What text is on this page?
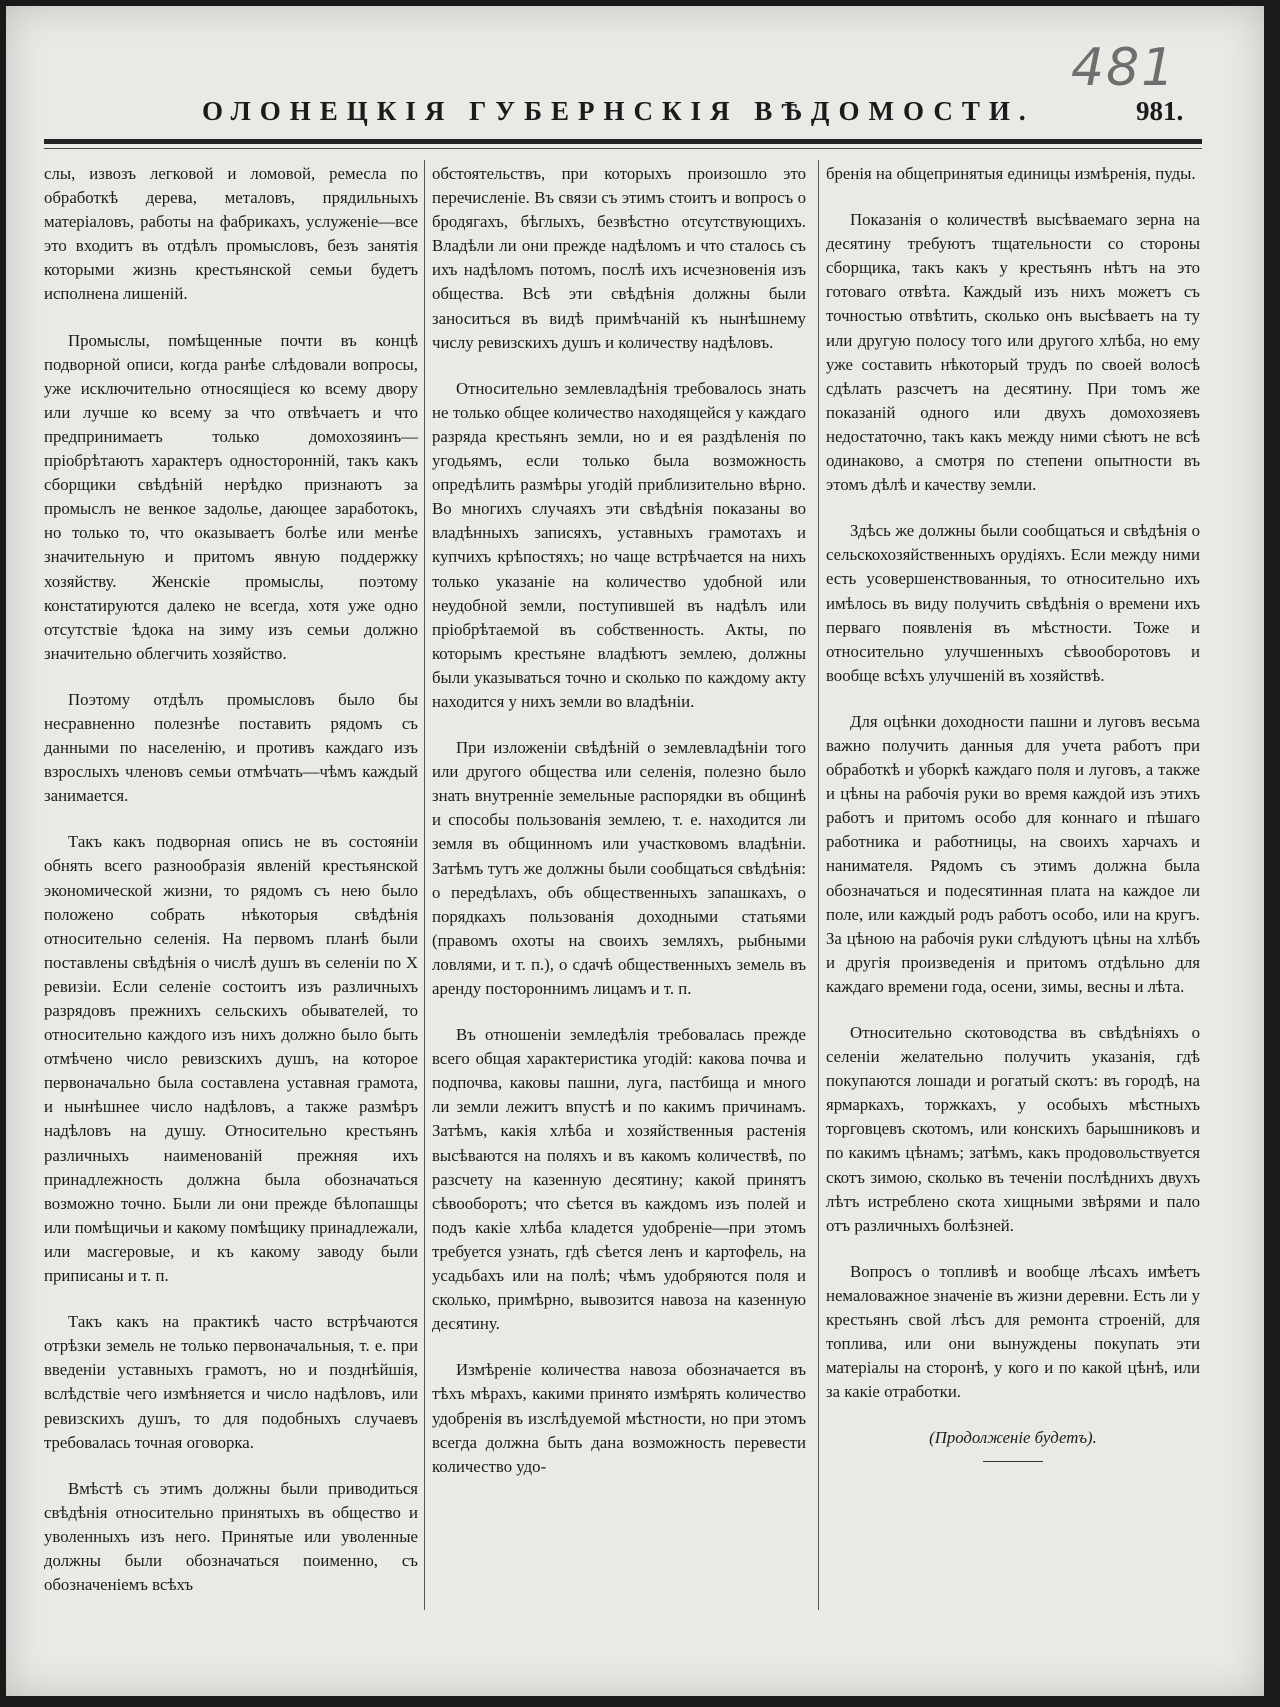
481
ОЛОНЕЦКІЯ ГУБЕРНСКІЯ ВѢДОМОСТИ.	981.

слы, извозъ легковой и ломовой, ремесла по обработкѣ дерева, металовъ, прядильныхъ матеріаловъ, работы на фабрикахъ, услуженіе—все это входитъ въ отдѣлъ промысловъ, безъ занятія которыми жизнь крестьянской семьи будетъ исполнена лишеній.

Промыслы, помѣщенные почти въ концѣ подворной описи, когда ранѣе слѣдовали вопросы, уже исключительно относящіеся ко всему двору или лучше ко всему за что отвѣчаетъ и что предпринимаетъ только домохозяинъ—пріобрѣтаютъ характеръ односторонній, такъ какъ сборщики свѣдѣній нерѣдко признаютъ за промыслъ не венкое задолье, дающее заработокъ, но только то, что оказываетъ болѣе или менѣе значительную и притомъ явную поддержку хозяйству. Женскіе промыслы, поэтому констатируются далеко не всегда, хотя уже одно отсутствіе ѣдока на зиму изъ семьи должно значительно облегчить хозяйство.

Поэтому отдѣлъ промысловъ было бы несравненно полезнѣе поставить рядомъ съ данными по населенію, и противъ каждаго изъ взрослыхъ членовъ семьи отмѣчать—чѣмъ каждый занимается.

Такъ какъ подворная опись не въ состояніи обнять всего разнообразія явленій крестьянской экономической жизни, то рядомъ съ нею было положено собрать нѣкоторыя свѣдѣнія относительно селенія. На первомъ планѣ были поставлены свѣдѣнія о числѣ душъ въ селеніи по X ревизіи. Если селеніе состоитъ изъ различныхъ разрядовъ прежнихъ сельскихъ обывателей, то относительно каждого изъ нихъ должно было быть отмѣчено число ревизскихъ душъ, на которое первоначально была составлена уставная грамота, и нынѣшнее число надѣловъ, а также размѣръ надѣловъ на душу. Относительно крестьянъ различныхъ наименованій прежняя ихъ принадлежность должна была обозначаться возможно точно. Были ли они прежде бѣлопашцы или помѣщичьи и какому помѣщику принадлежали, или масгеровые, и къ какому заводу были приписаны и т. п.

Такъ какъ на практикѣ часто встрѣчаются отрѣзки земель не только первоначальныя, т. е. при введеніи уставныхъ грамотъ, но и позднѣйшія, вслѣдствіе чего измѣняется и число надѣловъ, или ревизскихъ душъ, то для подобныхъ случаевъ требовалась точная оговорка.

Вмѣстѣ съ этимъ должны были приводиться свѣдѣнія относительно принятыхъ въ общество и уволенныхъ изъ него. Принятые или уволенные должны были обозначаться поименно, съ обозначеніемъ всѣхъ

обстоятельствъ, при которыхъ произошло это перечисленіе. Въ связи съ этимъ стоитъ и вопросъ о бродягахъ, бѣглыхъ, безвѣстно отсутствующихъ. Владѣли ли они прежде надѣломъ и что сталось съ ихъ надѣломъ потомъ, послѣ ихъ исчезновенія изъ общества. Всѣ эти свѣдѣнія должны были заноситься въ видѣ примѣчаній къ нынѣшнему числу ревизскихъ душъ и количеству надѣловъ.

Относительно землевладѣнія требовалось знать не только общее количество находящейся у каждаго разряда крестьянъ земли, но и ея раздѣленія по угодьямъ, если только была возможность опредѣлить размѣры угодій приблизительно вѣрно. Во многихъ случаяхъ эти свѣдѣнія показаны во владѣнныхъ записяхъ, уставныхъ грамотахъ и купчихъ крѣпостяхъ; но чаще встрѣчается на нихъ только указаніе на количество удобной или неудобной земли, поступившей въ надѣлъ или пріобрѣтаемой въ собственность. Акты, по которымъ крестьяне владѣютъ землею, должны были указываться точно и сколько по каждому акту находится у нихъ земли во владѣніи.

При изложеніи свѣдѣній о землевладѣніи того или другого общества или селенія, полезно было знать внутренніе земельные распорядки въ общинѣ и способы пользованія землею, т. е. находится ли земля въ общинномъ или участковомъ владѣніи. Затѣмъ тутъ же должны были сообщаться свѣдѣнія: о передѣлахъ, объ общественныхъ запашкахъ, о порядкахъ пользованія доходными статьями (правомъ охоты на своихъ земляхъ, рыбными ловлями, и т. п.), о сдачѣ общественныхъ земель въ аренду постороннимъ лицамъ и т. п.

Въ отношеніи земледѣлія требовалась прежде всего общая характеристика угодій: какова почва и подпочва, каковы пашни, луга, пастбища и много ли земли лежитъ впустѣ и по какимъ причинамъ. Затѣмъ, какія хлѣба и хозяйственныя растенія высѣваются на поляхъ и въ какомъ количествѣ, по разсчету на казенную десятину; какой принятъ сѣвооборотъ; что сѣется въ каждомъ изъ полей и подъ какіе хлѣба кладется удобреніе—при этомъ требуется узнать, гдѣ сѣется ленъ и картофель, на усадьбахъ или на полѣ; чѣмъ удобряются поля и сколько, примѣрно, вывозится навоза на казенную десятину.

Измѣреніе количества навоза обозначается въ тѣхъ мѣрахъ, какими принято измѣрять количество удобренія въ изслѣдуемой мѣстности, но при этомъ всегда должна быть дана возможность перевести количество удо-

бренія на общепринятыя единицы измѣренія, пуды.

Показанія о количествѣ высѣваемаго зерна на десятину требуютъ тщательности со стороны сборщика, такъ какъ у крестьянъ нѣтъ на это готоваго отвѣта. Каждый изъ нихъ можетъ съ точностью отвѣтить, сколько онъ высѣваетъ на ту или другую полосу того или другого хлѣба, но ему уже составить нѣкоторый трудъ по своей волосѣ сдѣлать разсчетъ на десятину. При томъ же показаній одного или двухъ домохозяевъ недостаточно, такъ какъ между ними сѣютъ не всѣ одинаково, а смотря по степени опытности въ этомъ дѣлѣ и качеству земли.

Здѣсь же должны были сообщаться и свѣдѣнія о сельскохозяйственныхъ орудіяхъ. Если между ними есть усовершенствованныя, то относительно ихъ имѣлось въ виду получить свѣдѣнія о времени ихъ перваго появленія въ мѣстности. Тоже и относительно улучшенныхъ сѣвооборотовъ и вообще всѣхъ улучшеній въ хозяйствѣ.

Для оцѣнки доходности пашни и луговъ весьма важно получить данныя для учета работъ при обработкѣ и уборкѣ каждаго поля и луговъ, а также и цѣны на рабочія руки во время каждой изъ этихъ работъ и притомъ особо для коннаго и пѣшаго работника и работницы, на своихъ харчахъ и нанимателя. Рядомъ съ этимъ должна была обозначаться и подесятинная плата на каждое ли поле, или каждый родъ работъ особо, или на кругъ. За цѣною на рабочія руки слѣдуютъ цѣны на хлѣбъ и другія произведенія и притомъ отдѣльно для каждаго времени года, осени, зимы, весны и лѣта.

Относительно скотоводства въ свѣдѣніяхъ о селеніи желательно получить указанія, гдѣ покупаются лошади и рогатый скотъ: въ городѣ, на ярмаркахъ, торжкахъ, у особыхъ мѣстныхъ торговцевъ скотомъ, или конскихъ барышниковъ и по какимъ цѣнамъ; затѣмъ, какъ продовольствуется скотъ зимою, сколько въ теченіи послѣднихъ двухъ лѣтъ истреблено скота хищными звѣрями и пало отъ различныхъ болѣзней.

Вопросъ о топливѣ и вообще лѣсахъ имѣетъ немаловажное значеніе въ жизни деревни. Есть ли у крестьянъ свой лѣсъ для ремонта строеній, для топлива, или они вынуждены покупать эти матеріалы на сторонѣ, у кого и по какой цѣнѣ, или за какіе отработки.

(Продолженіе будетъ).
